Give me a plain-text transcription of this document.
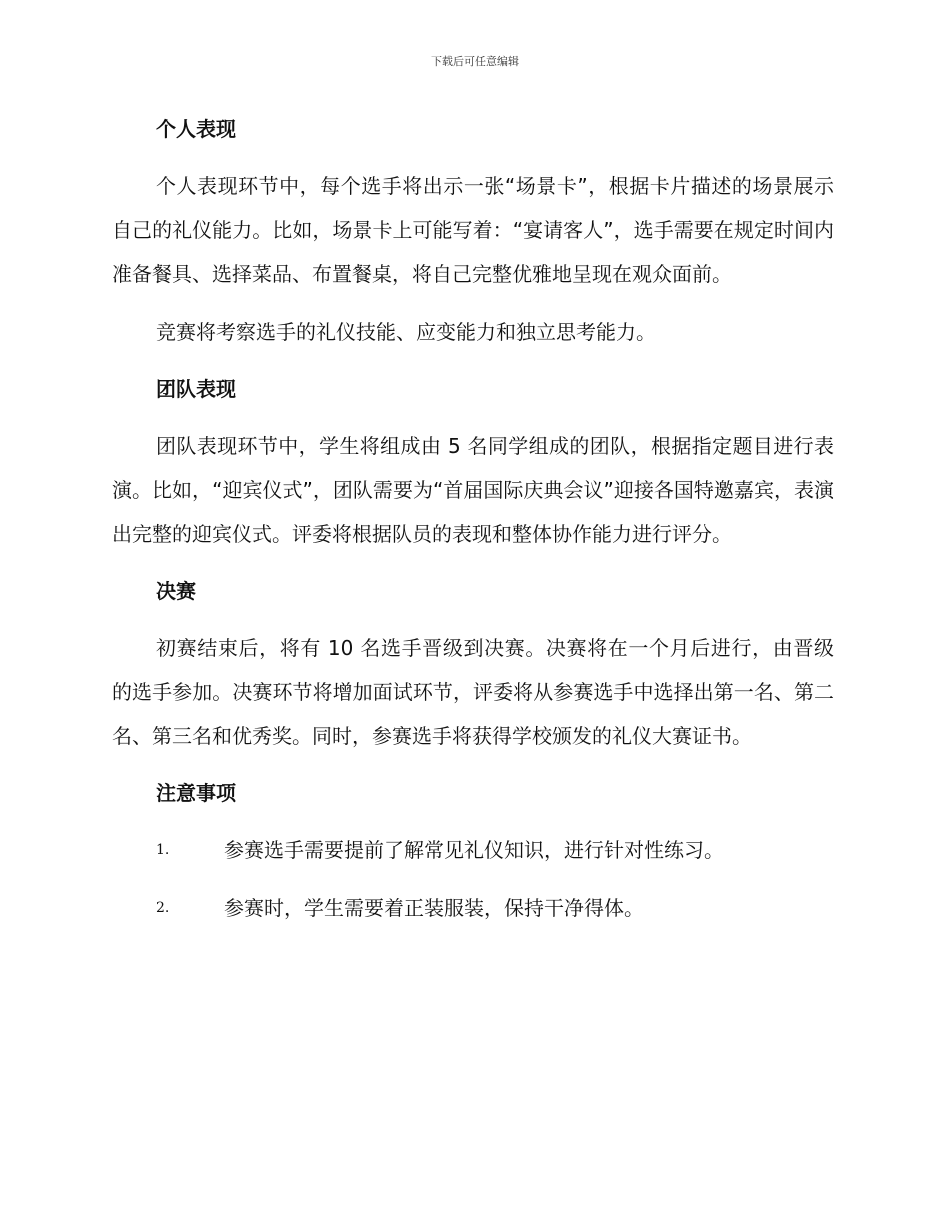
下载后可任意编辑
个人表现

个人表现环节中，每个选手将出示一张“场景卡”，根据卡片描述的场景展示自己的礼仪能力。比如，场景卡上可能写着：“宴请客人”，选手需要在规定时间内准备餐具、选择菜品、布置餐桌，将自己完整优雅地呈现在观众面前。

竞赛将考察选手的礼仪技能、应变能力和独立思考能力。

团队表现

团队表现环节中，学生将组成由 5 名同学组成的团队，根据指定题目进行表演。比如，“迎宾仪式”，团队需要为“首届国际庆典会议”迎接各国特邀嘉宾，表演出完整的迎宾仪式。评委将根据队员的表现和整体协作能力进行评分。

决赛

初赛结束后，将有 10 名选手晋级到决赛。决赛将在一个月后进行，由晋级的选手参加。决赛环节将增加面试环节，评委将从参赛选手中选择出第一名、第二名、第三名和优秀奖。同时，参赛选手将获得学校颁发的礼仪大赛证书。

注意事项
1.	参赛选手需要提前了解常见礼仪知识，进行针对性练习。
2.	参赛时，学生需要着正装服装，保持干净得体。
